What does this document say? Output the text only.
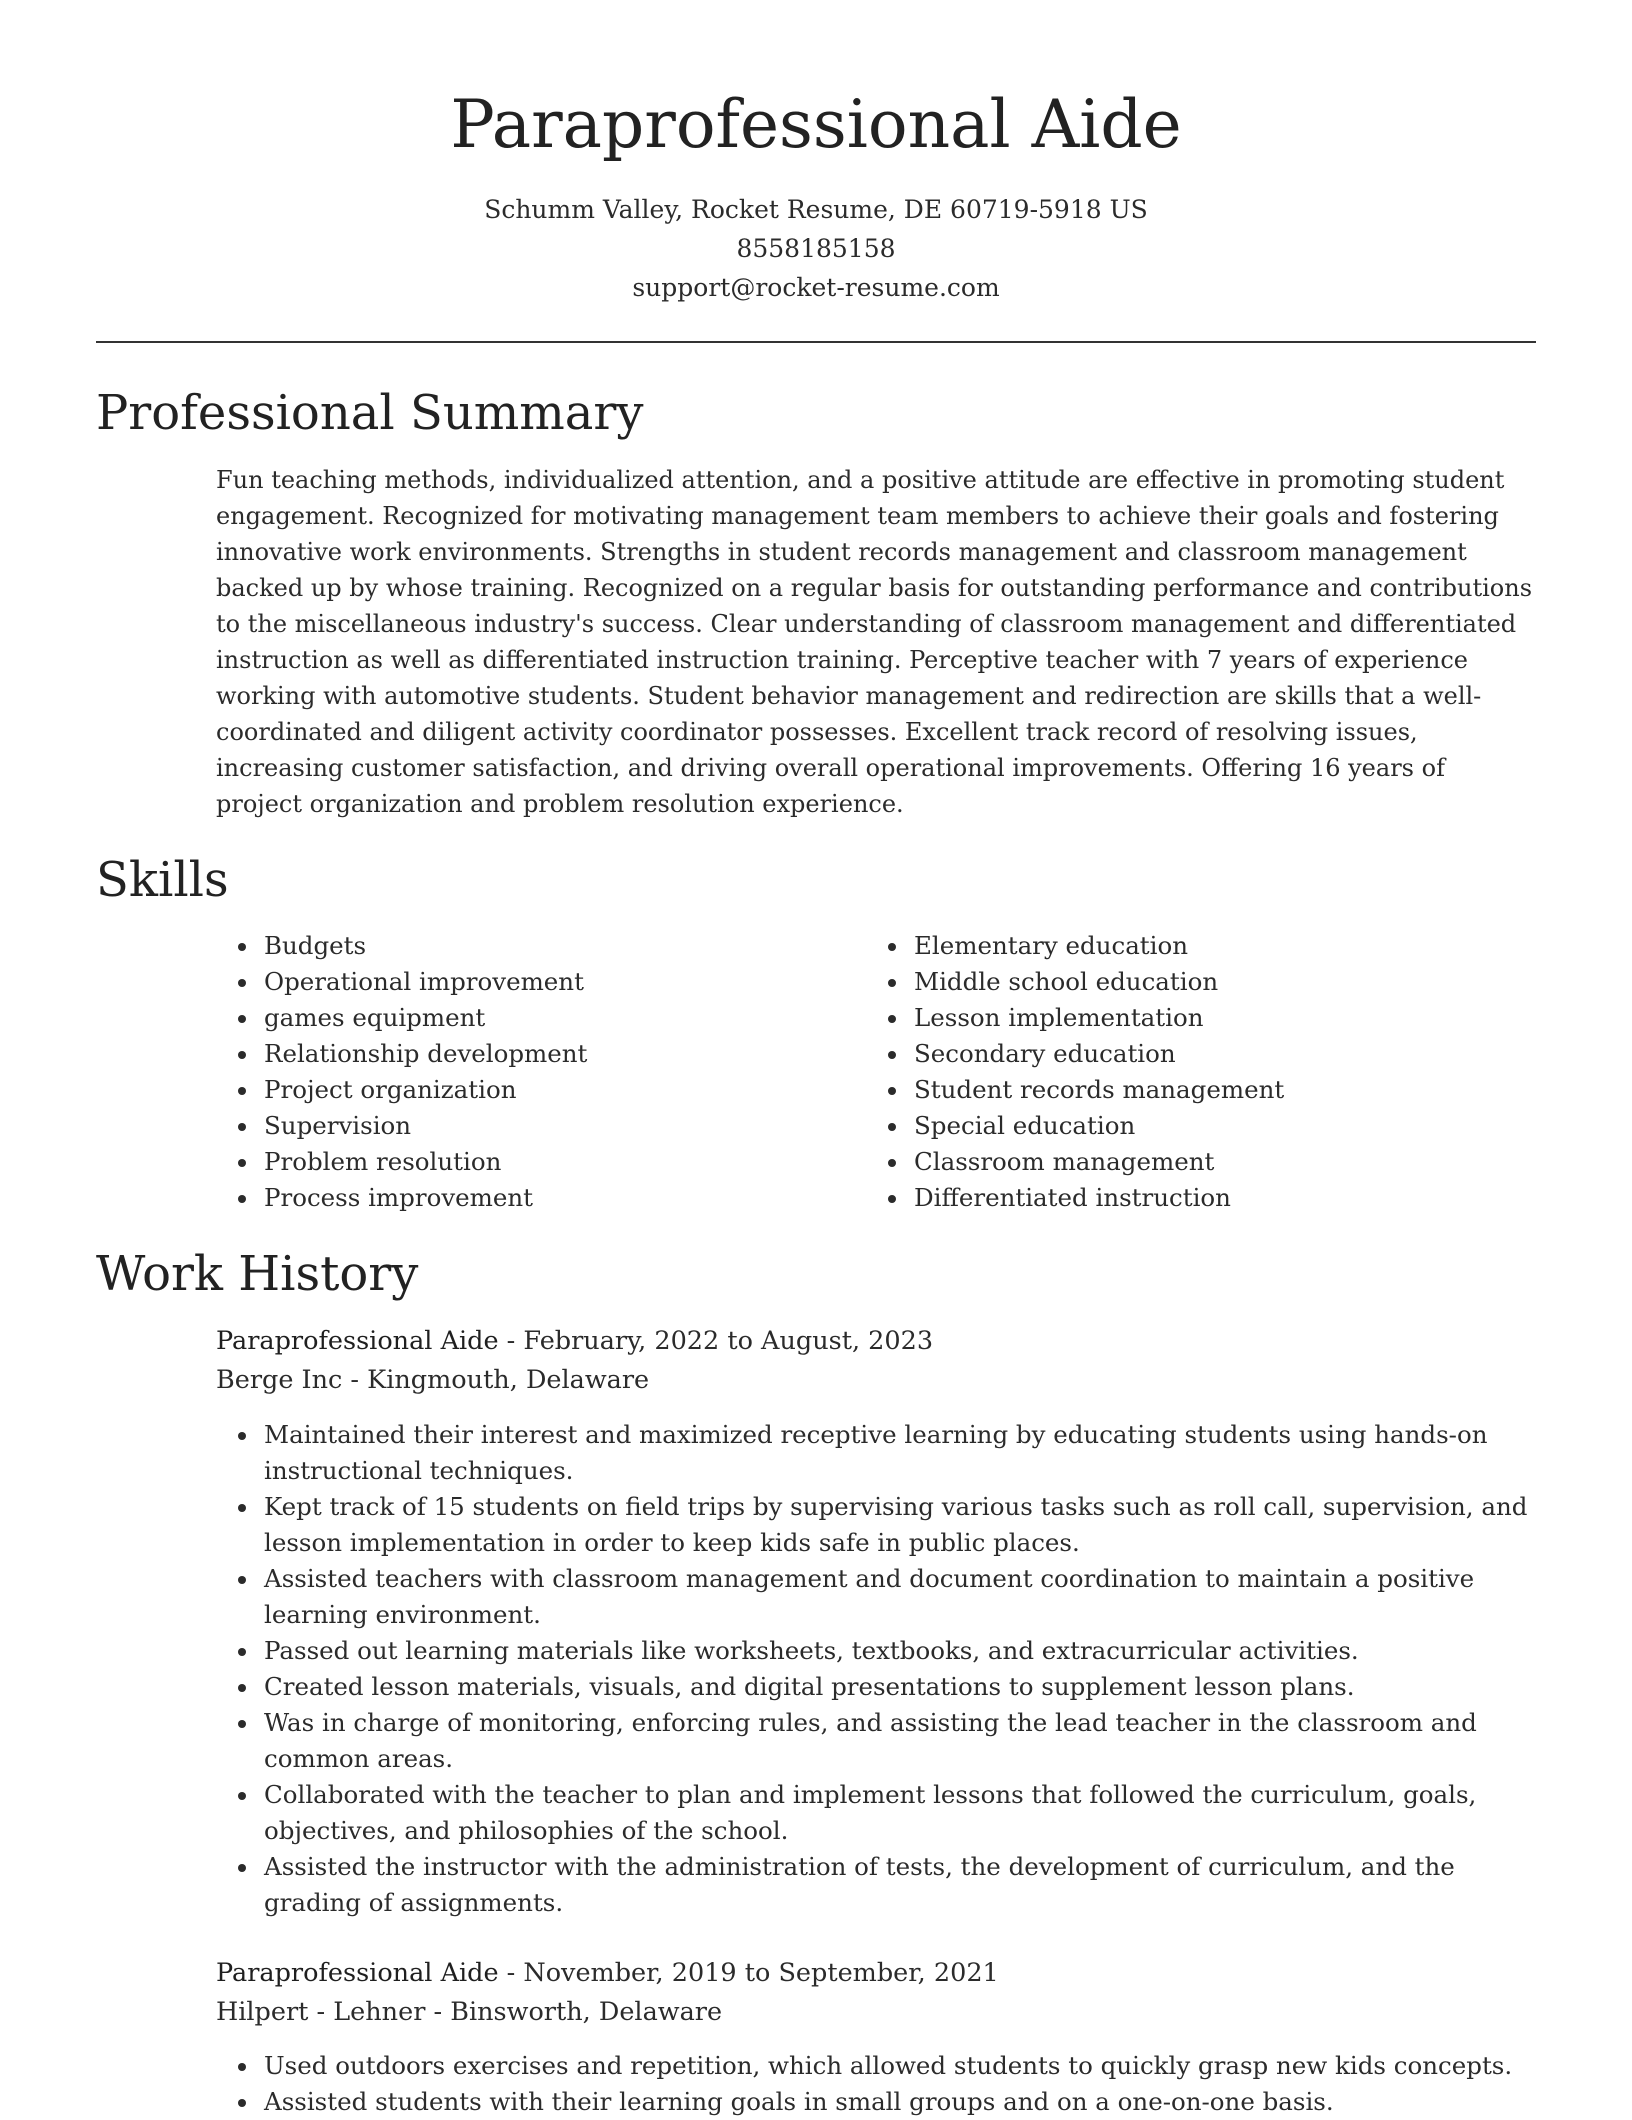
Paraprofessional Aide
Schumm Valley, Rocket Resume, DE 60719-5918 US
8558185158
support@rocket-resume.com
Professional Summary

Fun teaching methods, individualized attention, and a positive attitude are effective in promoting student engagement. Recognized for motivating management team members to achieve their goals and fostering innovative work environments. Strengths in student records management and classroom management backed up by whose training. Recognized on a regular basis for outstanding performance and contributions to the miscellaneous industry's success. Clear understanding of classroom management and differentiated instruction as well as differentiated instruction training. Perceptive teacher with 7 years of experience working with automotive students. Student behavior management and redirection are skills that a well-coordinated and diligent activity coordinator possesses. Excellent track record of resolving issues, increasing customer satisfaction, and driving overall operational improvements. Offering 16 years of project organization and problem resolution experience.

Skills
• Budgets
• Operational improvement
• games equipment
• Relationship development
• Project organization
• Supervision
• Problem resolution
• Process improvement
• Elementary education
• Middle school education
• Lesson implementation
• Secondary education
• Student records management
• Special education
• Classroom management
• Differentiated instruction
Work History
Paraprofessional Aide - February, 2022 to August, 2023
Berge Inc - Kingmouth, Delaware
• Maintained their interest and maximized receptive learning by educating students using hands-on instructional techniques.
• Kept track of 15 students on field trips by supervising various tasks such as roll call, supervision, and lesson implementation in order to keep kids safe in public places.
• Assisted teachers with classroom management and document coordination to maintain a positive learning environment.
• Passed out learning materials like worksheets, textbooks, and extracurricular activities.
• Created lesson materials, visuals, and digital presentations to supplement lesson plans.
• Was in charge of monitoring, enforcing rules, and assisting the lead teacher in the classroom and common areas.
• Collaborated with the teacher to plan and implement lessons that followed the curriculum, goals, objectives, and philosophies of the school.
• Assisted the instructor with the administration of tests, the development of curriculum, and the grading of assignments.
Paraprofessional Aide - November, 2019 to September, 2021
Hilpert - Lehner - Binsworth, Delaware
• Used outdoors exercises and repetition, which allowed students to quickly grasp new kids concepts.
• Assisted students with their learning goals in small groups and on a one-on-one basis.
